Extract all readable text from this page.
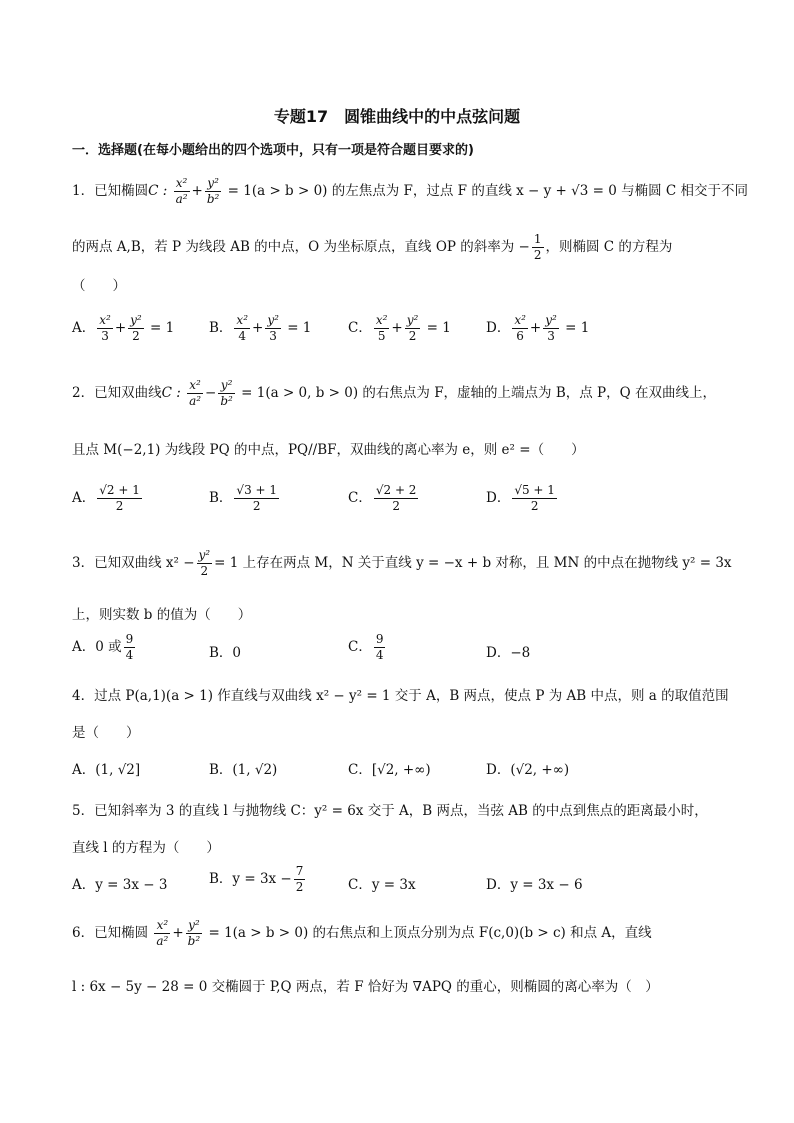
专题17　圆锥曲线中的中点弦问题
一．选择题(在每小题给出的四个选项中，只有一项是符合题目要求的)
1．已知椭圆C : $\frac{\text{x²}}{\text{a²}} + \frac{\text{y²}}{\text{b²}} = 1(a > b > 0)$ 的左焦点为 F，过点 F 的直线 x − y + √3 = 0 与椭圆 C 相交于不同
的两点 A,B，若 P 为线段 AB 的中点，O 为坐标原点，直线 OP 的斜率为 − $\frac{1}{2}$ ，则椭圆 C 的方程为
（　　）
A． $\frac{\text{x²}}{3} + \frac{\text{y²}}{2} = 1$	B． $\frac{\text{x²}}{4} + \frac{\text{y²}}{3} = 1$	C． $\frac{\text{x²}}{5} + \frac{\text{y²}}{2} = 1$	D． $\frac{\text{x²}}{6} + \frac{\text{y²}}{3} = 1$
2．已知双曲线C : $\frac{\text{x²}}{\text{a²}} - \frac{\text{y²}}{\text{b²}} = 1(a > 0$, b > 0) 的右焦点为 F，虚轴的上端点为 B，点 P，Q 在双曲线上，
且点 M(−2,1) 为线段 PQ 的中点，PQ//BF，双曲线的离心率为 e，则 e² =（　　）
A． $\frac{√2 + 1}{2}$	B． $\frac{√3 + 1}{2}$	C． $\frac{√2 + 2}{2}$	D． $\frac{√5 + 1}{2}$
3．已知双曲线 $x^2 - \frac{\text{y²}}{2} = 1$ 上存在两点 M，N 关于直线 y = −x + b 对称，且 MN 的中点在抛物线 y² = 3x
上，则实数 b 的值为（　　）
A．0 或 $\frac{9}{4}$	B．0	C． $\frac{9}{4}$	D．−8
4．过点 P(a,1)(a > 1) 作直线与双曲线 x² − y² = 1 交于 A，B 两点，使点 P 为 AB 中点，则 a 的取值范围
是（　　）
A．(1, √2]	B．(1, √2)	C．[√2, +∞)	D．(√2, +∞)
5．已知斜率为 3 的直线 l 与抛物线 C：y² = 6x 交于 A，B 两点，当弦 AB 的中点到焦点的距离最小时，
直线 l 的方程为（　　）
A．y = 3x − 3	B．$y = 3x - \frac{7}{2}$	C．y = 3x	D．y = 3x − 6
6．已知椭圆 $\frac{\text{x²}}{\text{a²}} + \frac{\text{y²}}{\text{b²}} = 1(a > b > 0)$ 的右焦点和上顶点分别为点 F(c,0)(b > c) 和点 A，直线
l : 6x − 5y − 28 = 0 交椭圆于 P,Q 两点，若 F 恰好为 ∇APQ 的重心，则椭圆的离心率为（　）
